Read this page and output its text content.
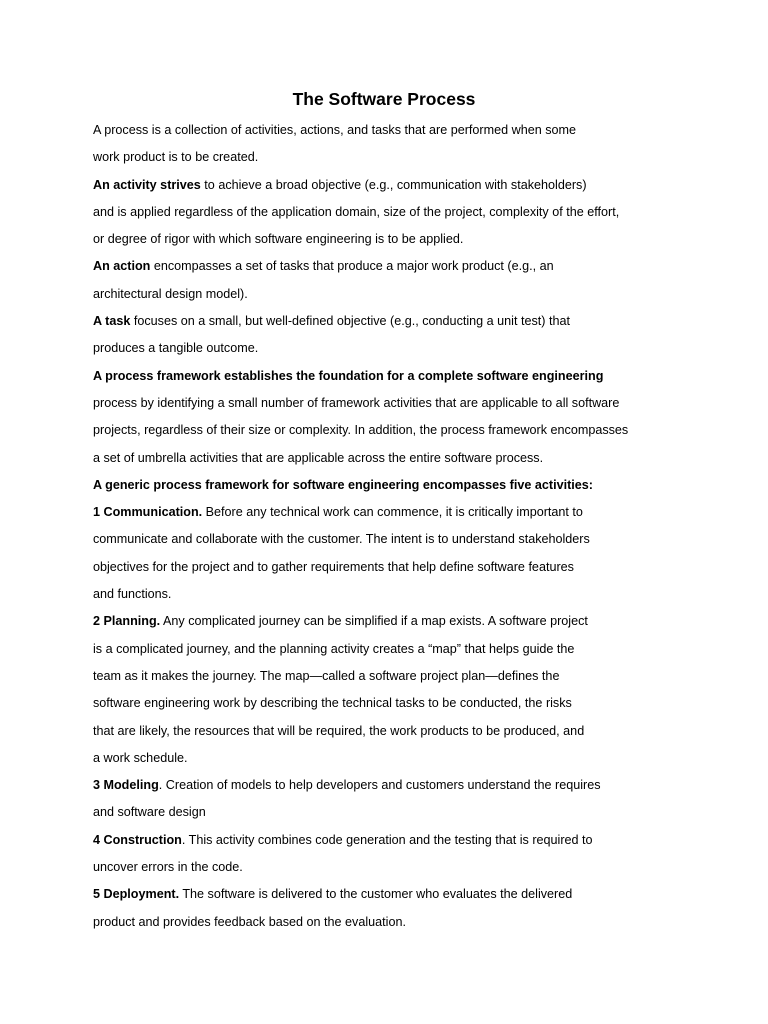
The Software Process
A process is a collection of activities, actions, and tasks that are performed when some
work product is to be created.
An activity strives to achieve a broad objective (e.g., communication with stakeholders)
and is applied regardless of the application domain, size of the project, complexity of the effort,
or degree of rigor with which software engineering is to be applied.
An action encompasses a set of tasks that produce a major work product (e.g., an
architectural design model).
A task focuses on a small, but well-defined objective (e.g., conducting a unit test) that
produces a tangible outcome.
A process framework establishes the foundation for a complete software engineering
process by identifying a small number of framework activities that are applicable to all software
projects, regardless of their size or complexity. In addition, the process framework encompasses
a set of umbrella activities that are applicable across the entire software process.
A generic process framework for software engineering encompasses five activities:
1 Communication. Before any technical work can commence, it is critically important to
communicate and collaborate with the customer. The intent is to understand stakeholders
objectives for the project and to gather requirements that help define software features
and functions.
2 Planning. Any complicated journey can be simplified if a map exists. A software project
is a complicated journey, and the planning activity creates a “map” that helps guide the
team as it makes the journey. The map—called a software project plan—defines the
software engineering work by describing the technical tasks to be conducted, the risks
that are likely, the resources that will be required, the work products to be produced, and
a work schedule.
3 Modeling. Creation of models to help developers and customers understand the requires
and software design
4 Construction. This activity combines code generation and the testing that is required to
uncover errors in the code.
5 Deployment. The software is delivered to the customer who evaluates the delivered
product and provides feedback based on the evaluation.
